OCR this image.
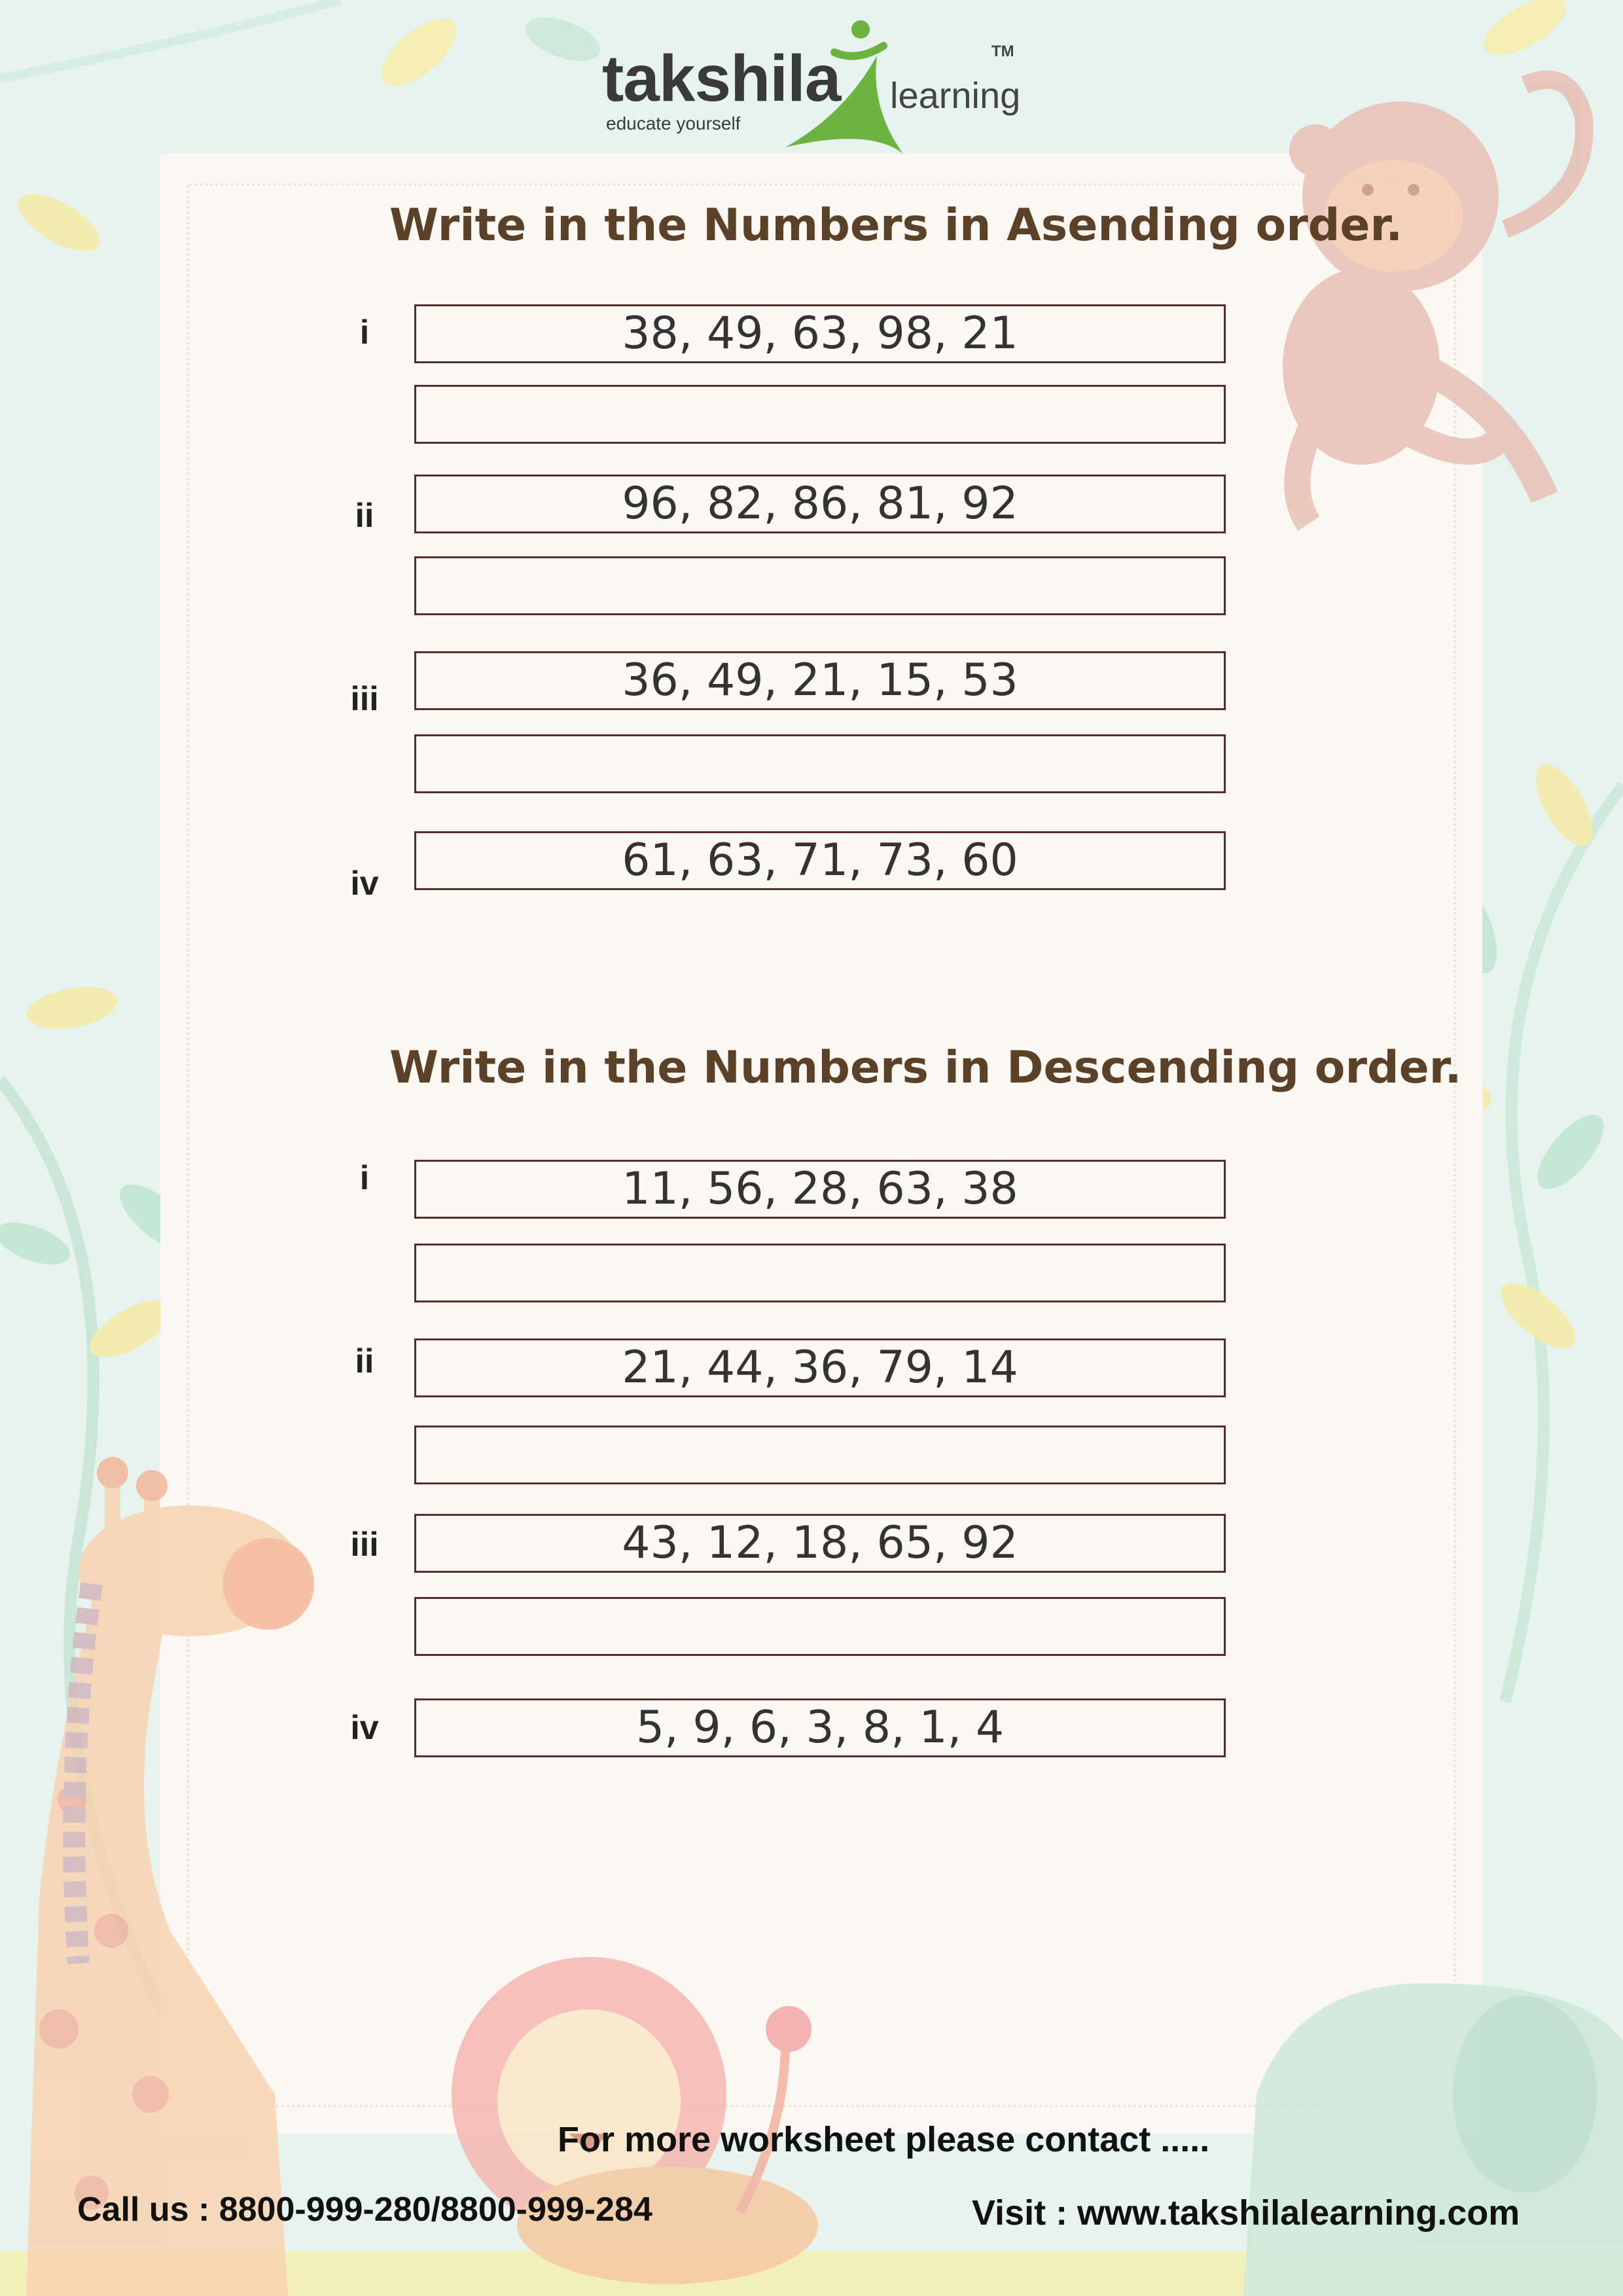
takshila
educate yourself
learning
TM
Write in the Numbers in Asending order.
i	38, 49, 63, 98, 21
ii	96, 82, 86, 81, 92
iii	36, 49, 21, 15, 53
iv	61, 63, 71, 73, 60
Write in the Numbers in Descending order.
i	11, 56, 28, 63, 38
ii	21, 44, 36, 79, 14
iii	43, 12, 18, 65, 92
iv	5, 9, 6, 3, 8, 1, 4
For more worksheet please contact .....
Call us : 8800-999-280/8800-999-284	Visit : www.takshilalearning.com
